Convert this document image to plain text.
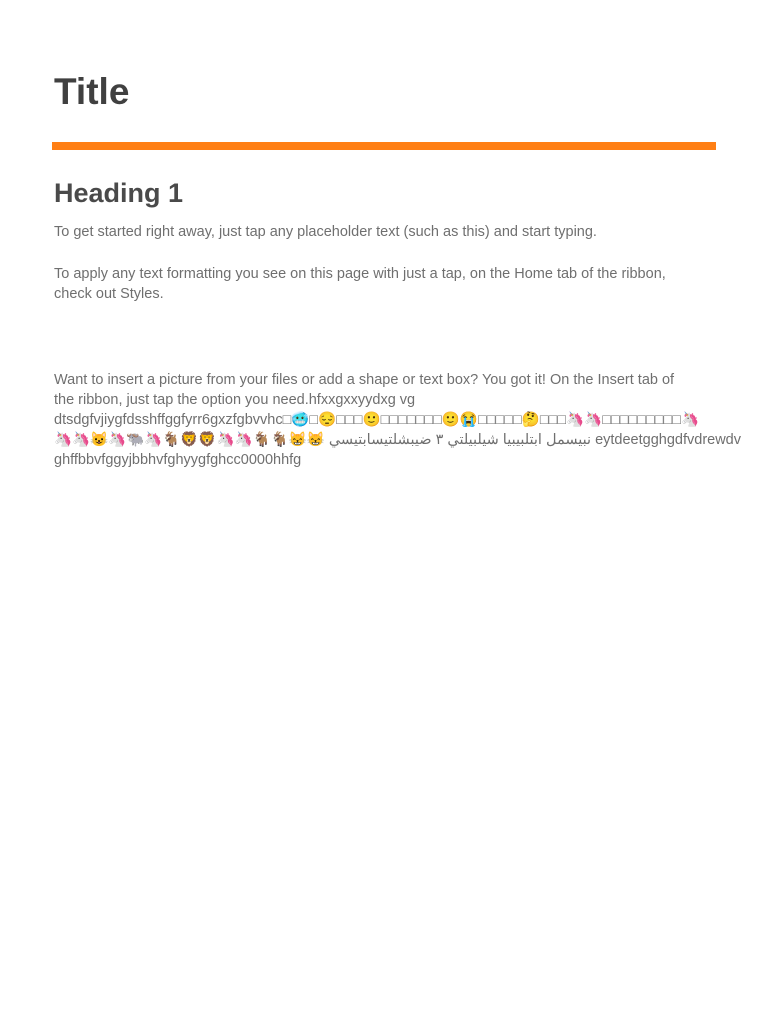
Title
Heading 1

To get started right away, just tap any placeholder text (such as this) and start typing.

To apply any text formatting you see on this page with just a tap, on the Home tab of the ribbon,
check out Styles.

Want to insert a picture from your files or add a shape or text box? You got it! On the Insert tab of
the ribbon, just tap the option you need.hfxxgxxyydxg vg
dtsdgfvjiygfdsshffggfyrr6gxzfgbvvhc□🥶□😔□□□🙂□□□□□□□🙂😭□□□□□🤔□□□🦄🦄□□□□□□□□□🦄
🦄🦄😺🦄🐃🦄🐐🦁🦁🦄🦄🐐🐐😸😸 نبيسمل ابتلبيبيا شيلبيلتي ٣ ضيبشلتيسابتيسي eytdeetgghgdfvdrewdv
ghffbbvfggyjbbhvfghyygfghcc0000hhfg
